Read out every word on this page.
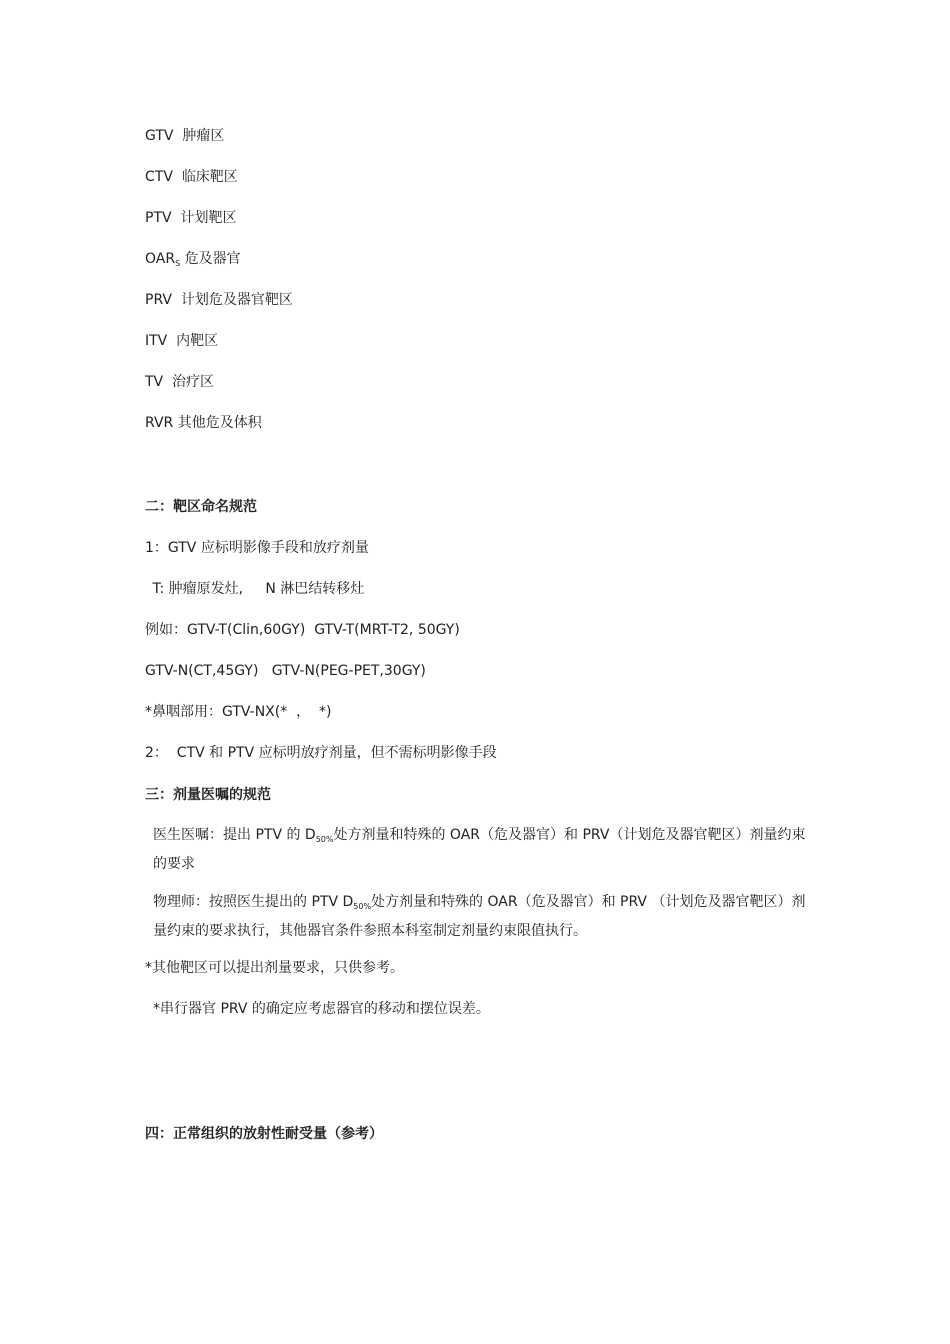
GTV 肿瘤区
CTV 临床靶区
PTV 计划靶区
$OAR_S$ 危及器官
PRV 计划危及器官靶区
ITV 内靶区
TV 治疗区
RVR 其他危及体积
二：靶区命名规范
1：GTV 应标明影像手段和放疗剂量
T: 肿瘤原发灶,     N 淋巴结转移灶
例如：GTV-T(Clin,60GY)  GTV-T(MRT-T2, 50GY)
GTV-N(CT,45GY)   GTV-N(PEG-PET,30GY)
*鼻咽部用：GTV-NX(*  ，  *)
2：  CTV 和 PTV 应标明放疗剂量，但不需标明影像手段
三：剂量医嘱的规范
医生医嘱：提出 PTV 的 $D_{50\%}$处方剂量和特殊的 OAR（危及器官）和 PRV（计划危及器官靶区）剂量约束的要求
物理师：按照医生提出的 PTV $D_{50\%}$处方剂量和特殊的 OAR（危及器官）和 PRV （计划危及器官靶区）剂量约束的要求执行，其他器官条件参照本科室制定剂量约束限值执行。
*其他靶区可以提出剂量要求，只供参考。
*串行器官 PRV 的确定应考虑器官的移动和摆位误差。
四：正常组织的放射性耐受量（参考）
